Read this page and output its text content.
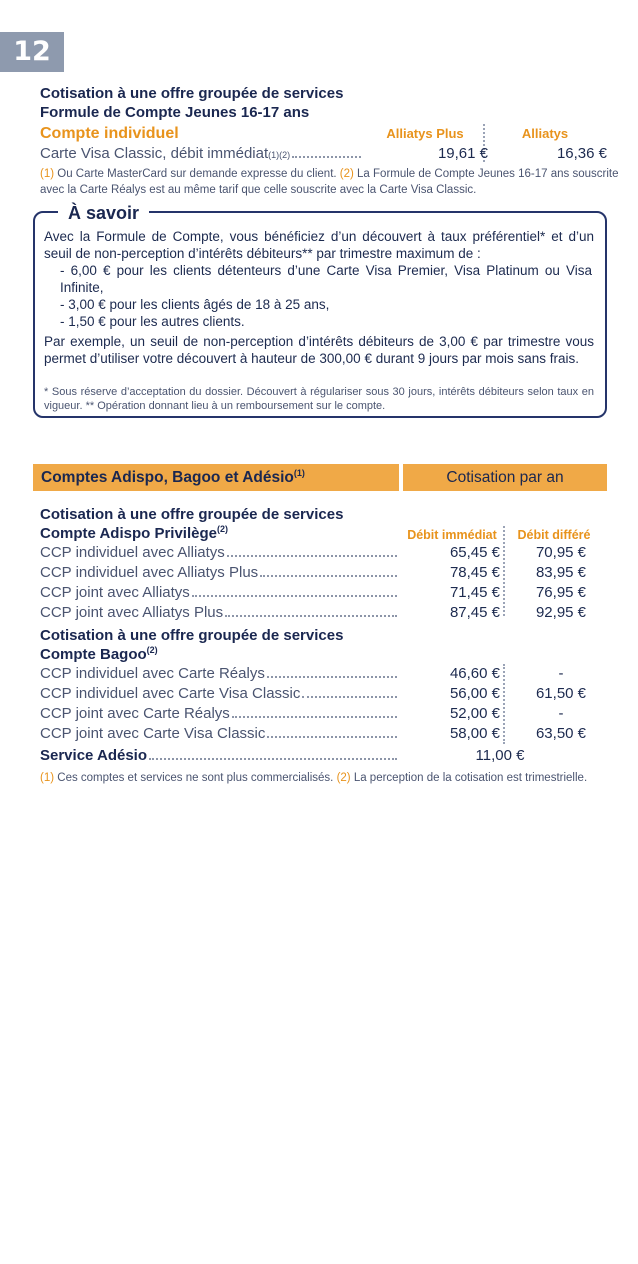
12
Cotisation à une offre groupée de services
Formule de Compte Jeunes 16-17 ans
Compte individuel	Alliatys Plus	Alliatys
Carte Visa Classic, débit immédiat (1)(2)	19,61 €	16,36 €
(1) Ou Carte MasterCard sur demande expresse du client. (2) La Formule de Compte Jeunes 16-17 ans souscrite
avec la Carte Réalys est au même tarif que celle souscrite avec la Carte Visa Classic.
À savoir
Avec la Formule de Compte, vous bénéficiez d’un découvert à taux préférentiel* et d’un seuil de non-perception d’intérêts débiteurs** par trimestre maximum de :
- 6,00 € pour les clients détenteurs d’une Carte Visa Premier, Visa Platinum ou Visa Infinite,
- 3,00 € pour les clients âgés de 18 à 25 ans,
- 1,50 € pour les autres clients.
Par exemple, un seuil de non-perception d’intérêts débiteurs de 3,00 € par trimestre vous permet d’utiliser votre découvert à hauteur de 300,00 € durant 9 jours par mois sans frais.
* Sous réserve d’acceptation du dossier. Découvert à régulariser sous 30 jours, intérêts débiteurs selon taux en vigueur. ** Opération donnant lieu à un remboursement sur le compte.
Comptes Adispo, Bagoo et Adésio$^{(1)}$	Cotisation par an
Cotisation à une offre groupée de services
Compte Adispo Privilège$^{(2)}$	Débit immédiat	Débit différé
CCP individuel avec Alliatys	65,45 €	70,95 €
CCP individuel avec Alliatys Plus	78,45 €	83,95 €
CCP joint avec Alliatys	71,45 €	76,95 €
CCP joint avec Alliatys Plus	87,45 €	92,95 €
Cotisation à une offre groupée de services
Compte Bagoo$^{(2)}$
CCP individuel avec Carte Réalys	46,60 €	-
CCP individuel avec Carte Visa Classic	56,00 €	61,50 €
CCP joint avec Carte Réalys	52,00 €	-
CCP joint avec Carte Visa Classic	58,00 €	63,50 €
Service Adésio	11,00 €
(1) Ces comptes et services ne sont plus commercialisés. (2) La perception de la cotisation est trimestrielle.
